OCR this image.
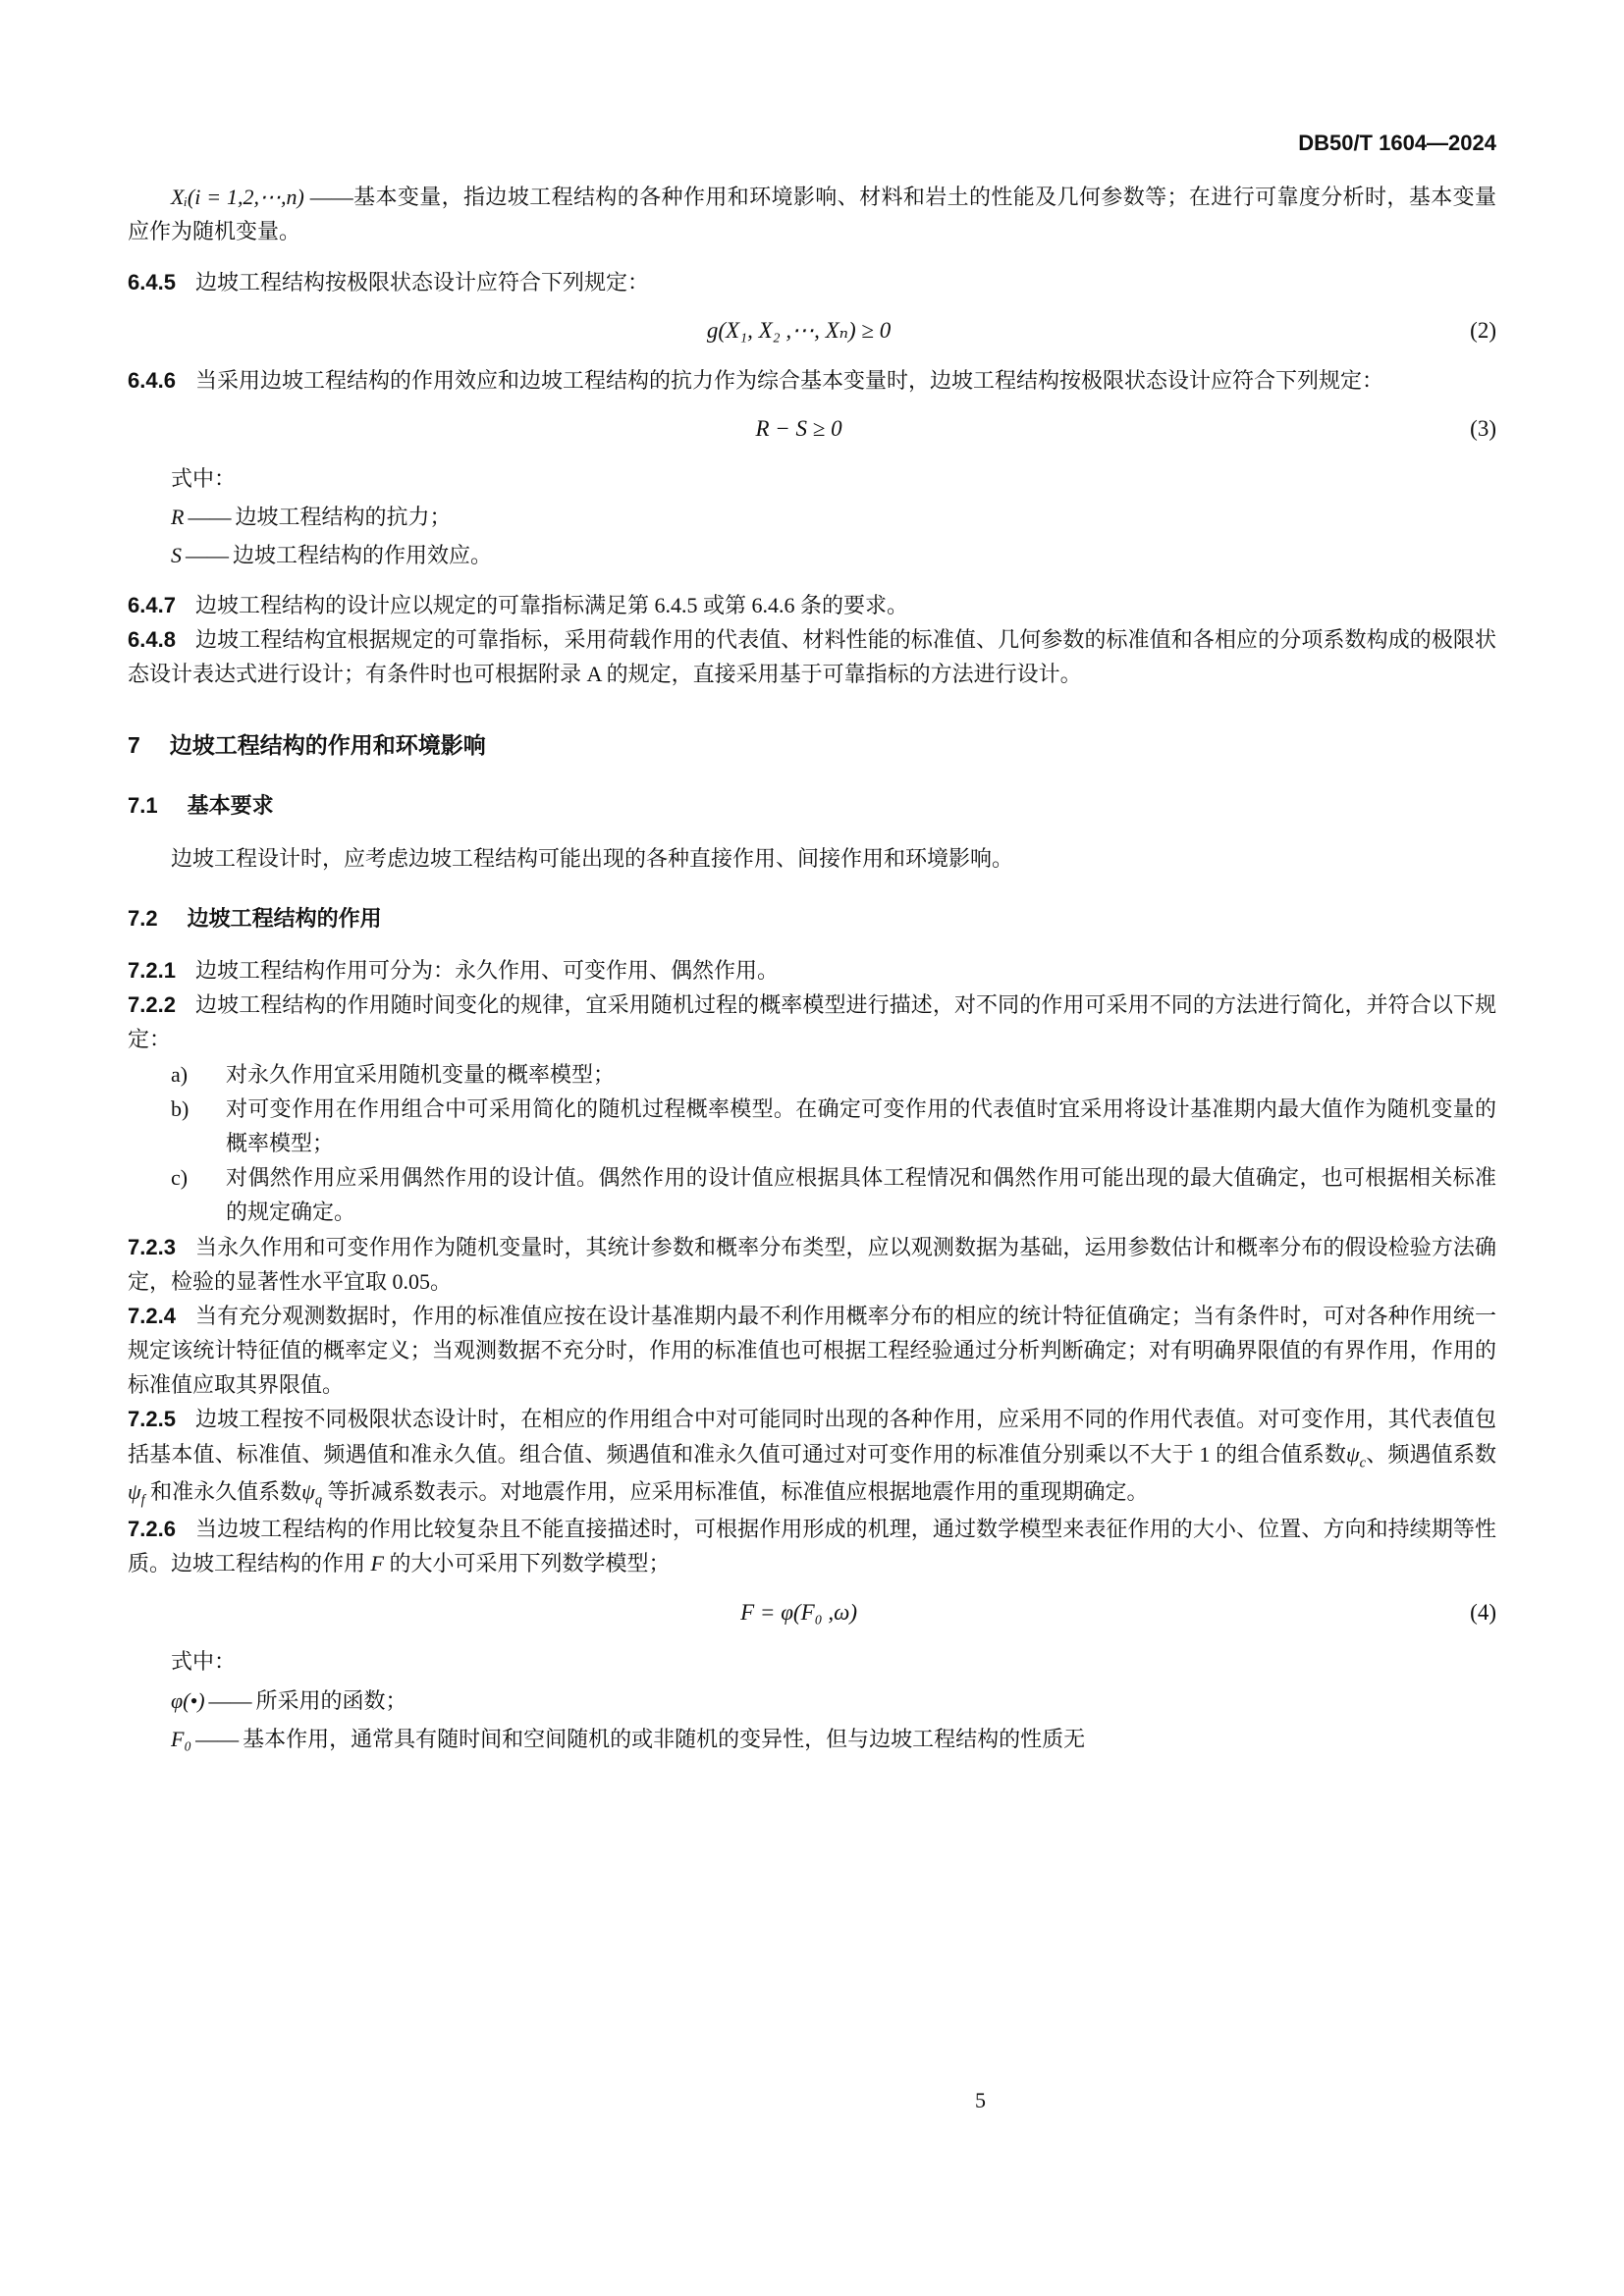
DB50/T 1604—2024

Xᵢ(i = 1,2,⋯,n) ——基本变量，指边坡工程结构的各种作用和环境影响、材料和岩土的性能及几何参数等；在进行可靠度分析时，基本变量应作为随机变量。

6.4.5 边坡工程结构按极限状态设计应符合下列规定：

g(X₁, X₂ ,⋯, Xₙ) ≥ 0	(2)

6.4.6 当采用边坡工程结构的作用效应和边坡工程结构的抗力作为综合基本变量时，边坡工程结构按极限状态设计应符合下列规定：

R − S ≥ 0	(3)

式中：

R —— 边坡工程结构的抗力；

S —— 边坡工程结构的作用效应。

6.4.7 边坡工程结构的设计应以规定的可靠指标满足第 6.4.5 或第 6.4.6 条的要求。

6.4.8 边坡工程结构宜根据规定的可靠指标，采用荷载作用的代表值、材料性能的标准值、几何参数的标准值和各相应的分项系数构成的极限状态设计表达式进行设计；有条件时也可根据附录 A 的规定，直接采用基于可靠指标的方法进行设计。

7 边坡工程结构的作用和环境影响
7.1 基本要求

边坡工程设计时，应考虑边坡工程结构可能出现的各种直接作用、间接作用和环境影响。

7.2 边坡工程结构的作用

7.2.1 边坡工程结构作用可分为：永久作用、可变作用、偶然作用。

7.2.2 边坡工程结构的作用随时间变化的规律，宜采用随机过程的概率模型进行描述，对不同的作用可采用不同的方法进行简化，并符合以下规定：

a)	对永久作用宜采用随机变量的概率模型；
b)	对可变作用在作用组合中可采用简化的随机过程概率模型。在确定可变作用的代表值时宜采用将设计基准期内最大值作为随机变量的概率模型；
c)	对偶然作用应采用偶然作用的设计值。偶然作用的设计值应根据具体工程情况和偶然作用可能出现的最大值确定，也可根据相关标准的规定确定。

7.2.3 当永久作用和可变作用作为随机变量时，其统计参数和概率分布类型，应以观测数据为基础，运用参数估计和概率分布的假设检验方法确定，检验的显著性水平宜取 0.05。

7.2.4 当有充分观测数据时，作用的标准值应按在设计基准期内最不利作用概率分布的相应的统计特征值确定；当有条件时，可对各种作用统一规定该统计特征值的概率定义；当观测数据不充分时，作用的标准值也可根据工程经验通过分析判断确定；对有明确界限值的有界作用，作用的标准值应取其界限值。

7.2.5 边坡工程按不同极限状态设计时，在相应的作用组合中对可能同时出现的各种作用，应采用不同的作用代表值。对可变作用，其代表值包括基本值、标准值、频遇值和准永久值。组合值、频遇值和准永久值可通过对可变作用的标准值分别乘以不大于 1 的组合值系数$\psi_c$、频遇值系数$\psi_f$ 和准永久值系数$\psi_q$ 等折减系数表示。对地震作用，应采用标准值，标准值应根据地震作用的重现期确定。

7.2.6 当边坡工程结构的作用比较复杂且不能直接描述时，可根据作用形成的机理，通过数学模型来表征作用的大小、位置、方向和持续期等性质。边坡工程结构的作用 F 的大小可采用下列数学模型；

F = φ(F₀ ,ω)	(4)

式中：

φ(•) —— 所采用的函数；

F₀ —— 基本作用，通常具有随时间和空间随机的或非随机的变异性，但与边坡工程结构的性质无

5
